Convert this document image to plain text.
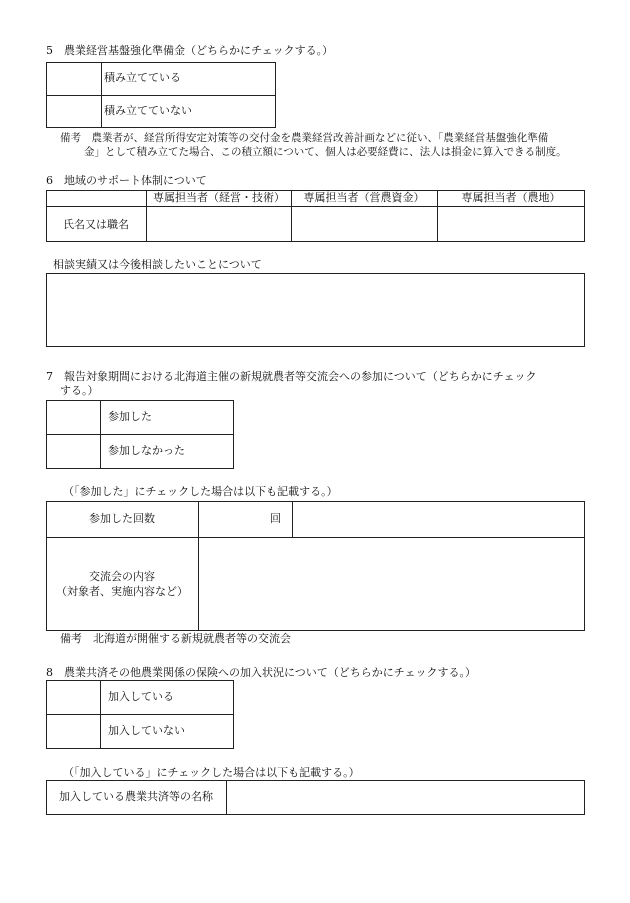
5　農業経営基盤強化準備金（どちらかにチェックする。）
積み立てている
積み立てていない
備考　農業者が、経営所得安定対策等の交付金を農業経営改善計画などに従い、「農業経営基盤強化準備
金」として積み立てた場合、この積立額について、個人は必要経費に、法人は損金に算入できる制度。
6　地域のサポート体制について
専属担当者（経営・技術）	専属担当者（営農資金）	専属担当者（農地）
氏名又は職名
相談実績又は今後相談したいことについて
7　報告対象期間における北海道主催の新規就農者等交流会への参加について（どちらかにチェック
する。）
参加した
参加しなかった
（「参加した」にチェックした場合は以下も記載する。）
参加した回数	回
交流会の内容
（対象者、実施内容など）
備考　北海道が開催する新規就農者等の交流会
8　農業共済その他農業関係の保険への加入状況について（どちらかにチェックする。）
加入している
加入していない
（「加入している」にチェックした場合は以下も記載する。）
加入している農業共済等の名称
